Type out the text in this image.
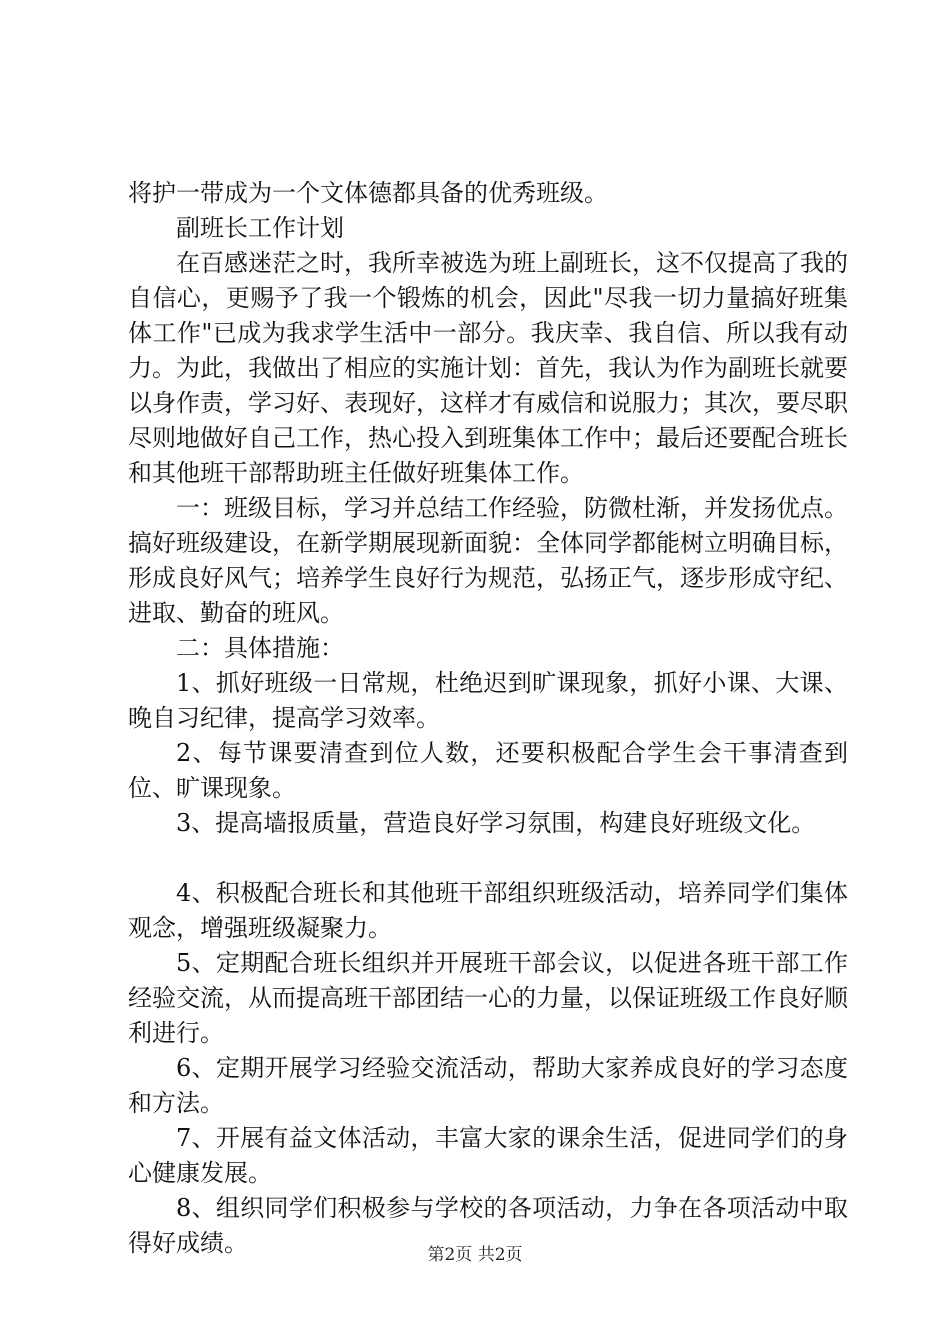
将护一带成为一个文体德都具备的优秀班级。

副班长工作计划

在百感迷茫之时，我所幸被选为班上副班长，这不仅提高了我的自信心，更赐予了我一个锻炼的机会，因此"尽我一切力量搞好班集体工作"已成为我求学生活中一部分。我庆幸、我自信、所以我有动力。为此，我做出了相应的实施计划：首先，我认为作为副班长就要以身作责，学习好、表现好，这样才有威信和说服力；其次，要尽职尽则地做好自己工作，热心投入到班集体工作中；最后还要配合班长和其他班干部帮助班主任做好班集体工作。

一：班级目标，学习并总结工作经验，防微杜渐，并发扬优点。搞好班级建设，在新学期展现新面貌：全体同学都能树立明确目标，形成良好风气；培养学生良好行为规范，弘扬正气，逐步形成守纪、进取、勤奋的班风。

二：具体措施：

1、抓好班级一日常规，杜绝迟到旷课现象，抓好小课、大课、晚自习纪律，提高学习效率。

2、每节课要清查到位人数，还要积极配合学生会干事清查到位、旷课现象。

3、提高墙报质量，营造良好学习氛围，构建良好班级文化。

4、积极配合班长和其他班干部组织班级活动，培养同学们集体观念，增强班级凝聚力。

5、定期配合班长组织并开展班干部会议，以促进各班干部工作经验交流，从而提高班干部团结一心的力量，以保证班级工作良好顺利进行。

6、定期开展学习经验交流活动，帮助大家养成良好的学习态度和方法。

7、开展有益文体活动，丰富大家的课余生活，促进同学们的身心健康发展。

8、组织同学们积极参与学校的各项活动，力争在各项活动中取得好成绩。	第2页 共2页
